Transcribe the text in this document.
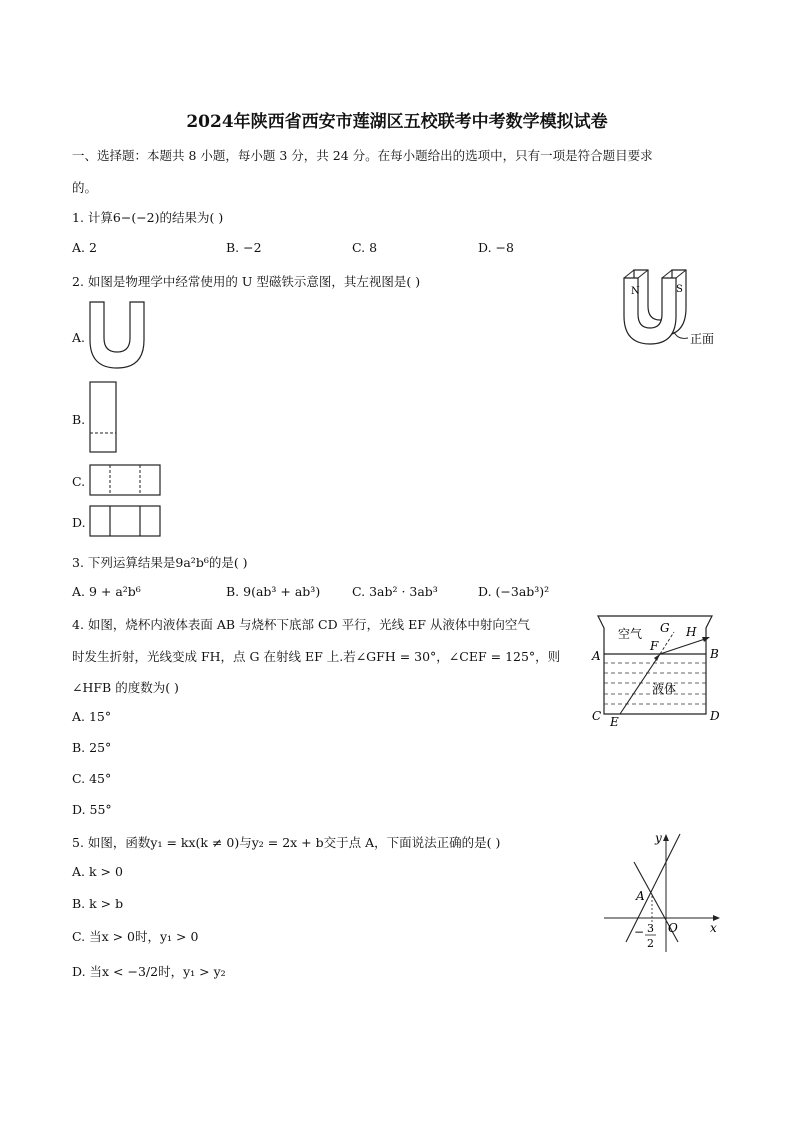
2024年陕西省西安市莲湖区五校联考中考数学模拟试卷
一、选择题：本题共 8 小题，每小题 3 分，共 24 分。在每小题给出的选项中，只有一项是符合题目要求
的。
1. 计算6−(−2)的结果为( )
A. 2	B. −2	C. 8	D. −8
2. 如图是物理学中经常使用的 U 型磁铁示意图，其左视图是( )
N	S
正面
A.
B.
C.
D.
3. 下列运算结果是9a²b⁶的是( )
A. 9 + a²b⁶	B. 9(ab³ + ab³)	C. 3ab² · 3ab³	D. (−3ab³)²
4. 如图，烧杯内液体表面 AB 与烧杯下底部 CD 平行，光线 EF 从液体中射向空气
时发生折射，光线变成 FH，点 G 在射线 EF 上.若∠GFH = 30°，∠CEF = 125°，则
∠HFB 的度数为( )
A. 15°
B. 25°
C. 45°
D. 55°
空气
液体
A	B
C	D
E
F
G H
5. 如图，函数y₁ = kx(k ≠ 0)与y₂ = 2x + b交于点 A，下面说法正确的是( )
A. k > 0
B. k > b
C. 当x > 0时，y₁ > 0
D. 当x < −3/2时，y₁ > y₂
y
x
O
A
− 3
2
